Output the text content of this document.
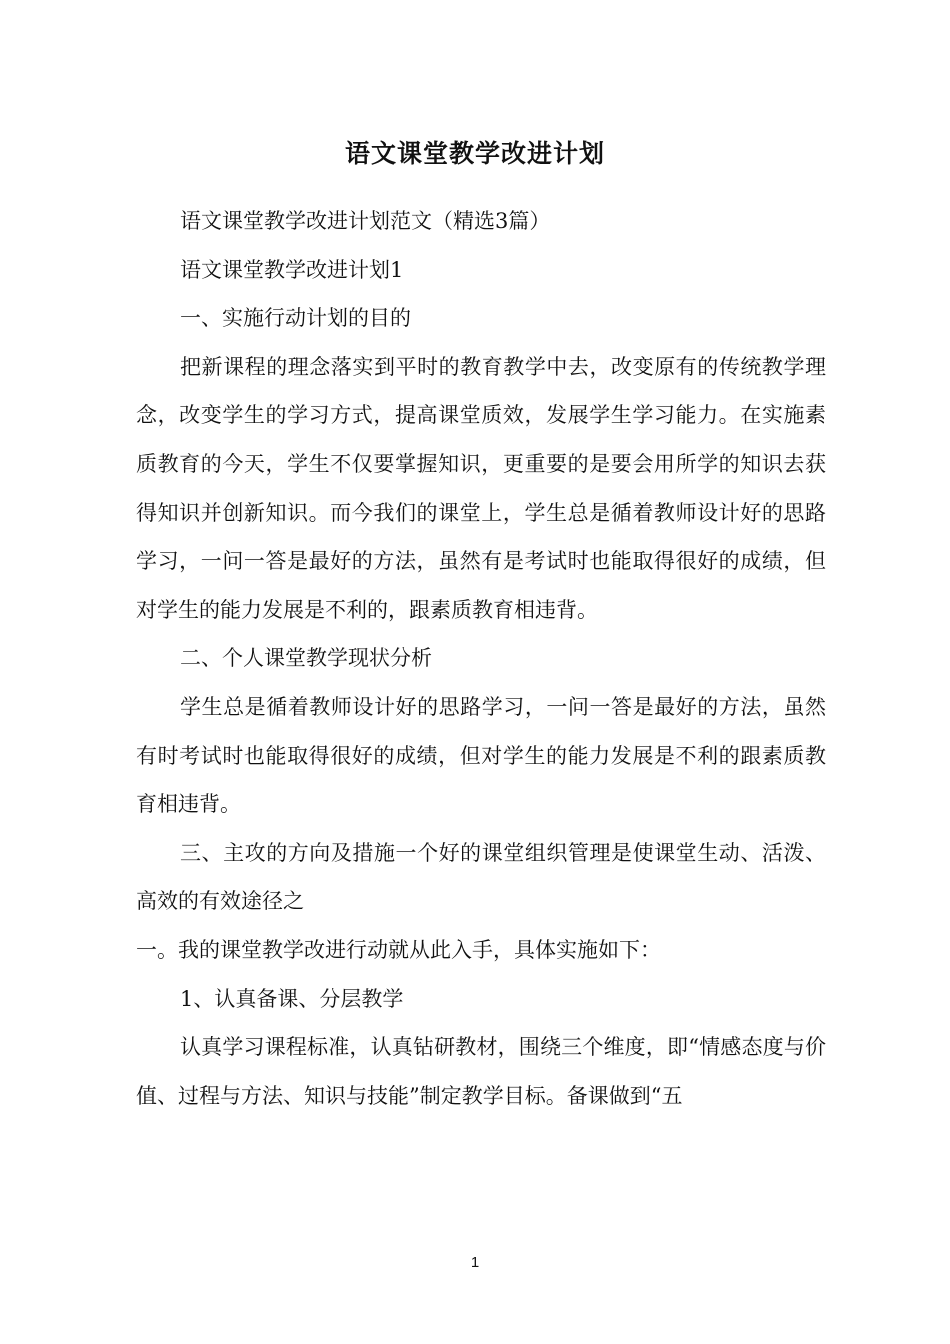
语文课堂教学改进计划

语文课堂教学改进计划范文（精选3篇）

语文课堂教学改进计划1

一、实施行动计划的目的

把新课程的理念落实到平时的教育教学中去，改变原有的传统教学理念，改变学生的学习方式，提高课堂质效，发展学生学习能力。在实施素质教育的今天，学生不仅要掌握知识，更重要的是要会用所学的知识去获得知识并创新知识。而今我们的课堂上，学生总是循着教师设计好的思路学习，一问一答是最好的方法，虽然有是考试时也能取得很好的成绩，但对学生的能力发展是不利的，跟素质教育相违背。

二、个人课堂教学现状分析

学生总是循着教师设计好的思路学习，一问一答是最好的方法，虽然有时考试时也能取得很好的成绩，但对学生的能力发展是不利的跟素质教育相违背。

三、主攻的方向及措施一个好的课堂组织管理是使课堂生动、活泼、高效的有效途径之

一。我的课堂教学改进行动就从此入手，具体实施如下：

1、认真备课、分层教学

认真学习课程标准，认真钻研教材，围绕三个维度，即“情感态度与价值、过程与方法、知识与技能”制定教学目标。备课做到“五

1
